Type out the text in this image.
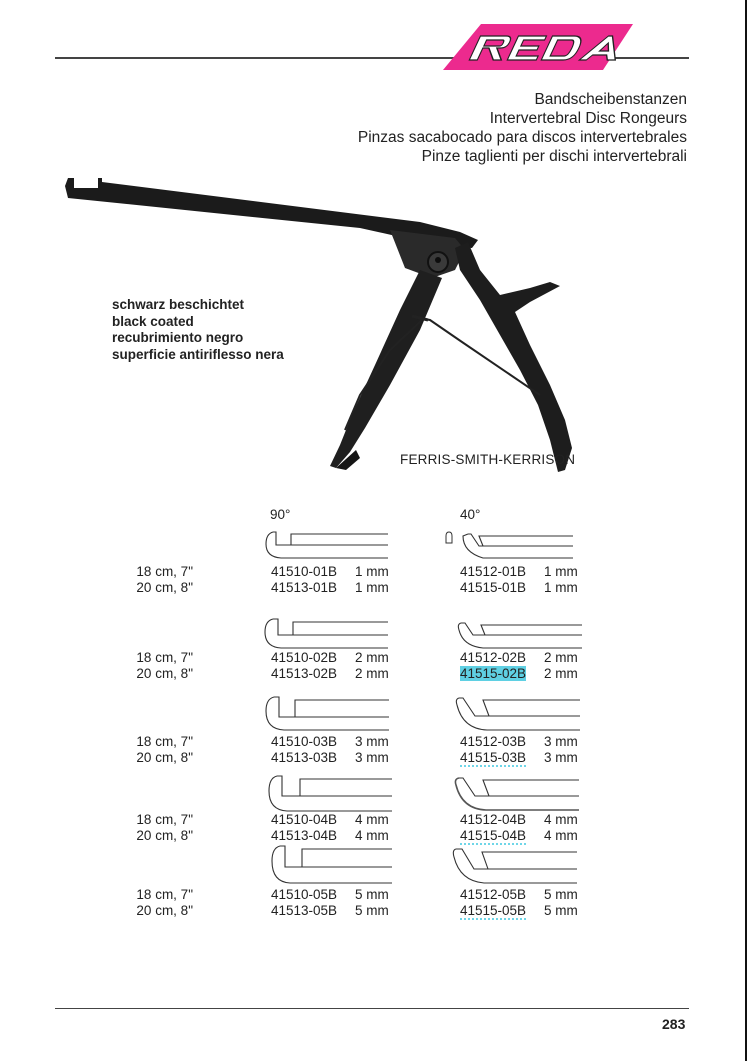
Bandscheibenstanzen
Intervertebral Disc Rongeurs
Pinzas sacabocado para discos intervertebrales
Pinze taglienti per dischi intervertebrali
schwarz beschichtet
black coated
recubrimiento negro
superficie antiriflesso nera
FERRIS-SMITH-KERRISON
90°	40°
18 cm, 7"
20 cm, 8"
41510-01B 1 mm
41513-01B 1 mm
41512-01B 1 mm
41515-01B 1 mm
18 cm, 7"
20 cm, 8"
41510-02B 2 mm
41513-02B 2 mm
41512-02B 2 mm
41515-02B 2 mm
18 cm, 7"
20 cm, 8"
41510-03B 3 mm
41513-03B 3 mm
41512-03B 3 mm
41515-03B 3 mm
18 cm, 7"
20 cm, 8"
41510-04B 4 mm
41513-04B 4 mm
41512-04B 4 mm
41515-04B 4 mm
18 cm, 7"
20 cm, 8"
41510-05B 5 mm
41513-05B 5 mm
41512-05B 5 mm
41515-05B 5 mm
283
